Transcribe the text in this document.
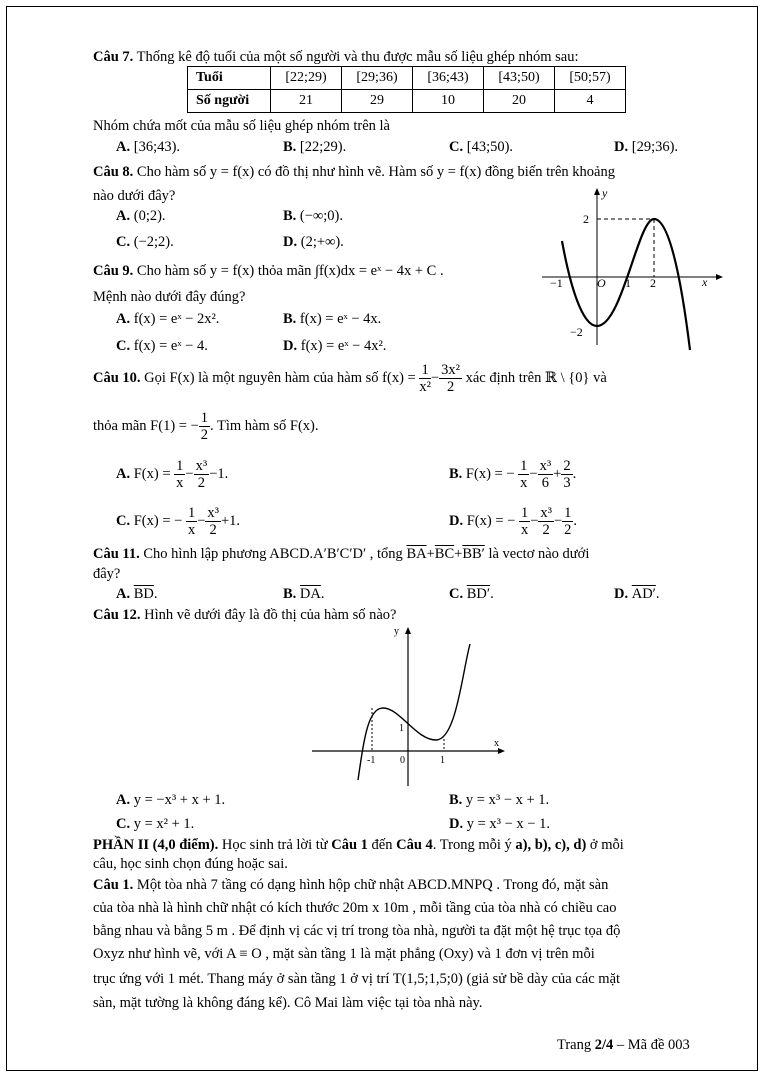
Câu 7. Thống kê độ tuổi của một số người và thu được mẫu số liệu ghép nhóm sau:
Tuổi	[22;29)	[29;36)	[36;43)	[43;50)	[50;57)
Số người	21	29	10	20	4
Nhóm chứa mốt của mẫu số liệu ghép nhóm trên là
A. [36;43).	B. [22;29).	C. [43;50).	D. [29;36).
Câu 8. Cho hàm số y = f(x) có đồ thị như hình vẽ. Hàm số y = f(x) đồng biến trên khoảng
nào dưới đây?
A. (0;2).	B. (−∞;0).
C. (−2;2).	D. (2;+∞).
y
x
2
−1	O 1 2
−2
Câu 9. Cho hàm số y = f(x) thỏa mãn ∫f(x)dx = eˣ − 4x + C .
Mệnh nào dưới đây đúng?
A. f(x) = eˣ − 2x².	B. f(x) = eˣ − 4x.
C. f(x) = eˣ − 4.	D. f(x) = eˣ − 4x².
Câu 10. Gọi F(x) là một nguyên hàm của hàm số $f(x) = \frac{1}{\text{x²}} - \frac{\text{3x²}}{2}$ xác định trên ℝ \ {0} và
thỏa mãn F(1) = − $\frac{1}{2}$ . Tìm hàm số F(x).
A. $F(x) = \frac{1}{x} - \frac{\text{x³}}{2} -1$.	B. F(x) = − $\frac{1}{x} - \frac{\text{x³}}{6} + \frac{2}{3}$ .
C. F(x) = − $\frac{1}{x} - \frac{\text{x³}}{2} +1$.	D. F(x) = − $\frac{1}{x} - \frac{\text{x³}}{2} - \frac{1}{2}$ .
Câu 11. Cho hình lập phương ABCD.A′B′C′D′ , tổng $\overline{BA}+\overline{BC}+BB'$ là vectơ nào dưới
đây?
A. $\overline{BD}$.	B. $\overline{DA}$.	C. BD′.	D. AD′.
Câu 12. Hình vẽ dưới đây là đồ thị của hàm số nào?
y
x
-1 0	1
1
A. y = −x³ + x + 1.	B. y = x³ − x + 1.
C. y = x² + 1.	D. y = x³ − x − 1.
PHẦN II (4,0 điểm). Học sinh trả lời từ Câu 1 đến Câu 4. Trong mỗi ý a), b), c), d) ở mỗi
câu, học sinh chọn đúng hoặc sai.
Câu 1. Một tòa nhà 7 tầng có dạng hình hộp chữ nhật ABCD.MNPQ . Trong đó, mặt sàn
của tòa nhà là hình chữ nhật có kích thước 20m x 10m , mỗi tầng của tòa nhà có chiều cao
bằng nhau và bằng 5 m . Để định vị các vị trí trong tòa nhà, người ta đặt một hệ trục tọa độ
Oxyz như hình vẽ, với A ≡ O , mặt sàn tầng 1 là mặt phẳng (Oxy) và 1 đơn vị trên mỗi
trục ứng với 1 mét. Thang máy ở sàn tầng 1 ở vị trí T(1,5;1,5;0) (giả sử bề dày của các mặt
sàn, mặt tường là không đáng kể). Cô Mai làm việc tại tòa nhà này.
Trang 2/4 – Mã đề 003
